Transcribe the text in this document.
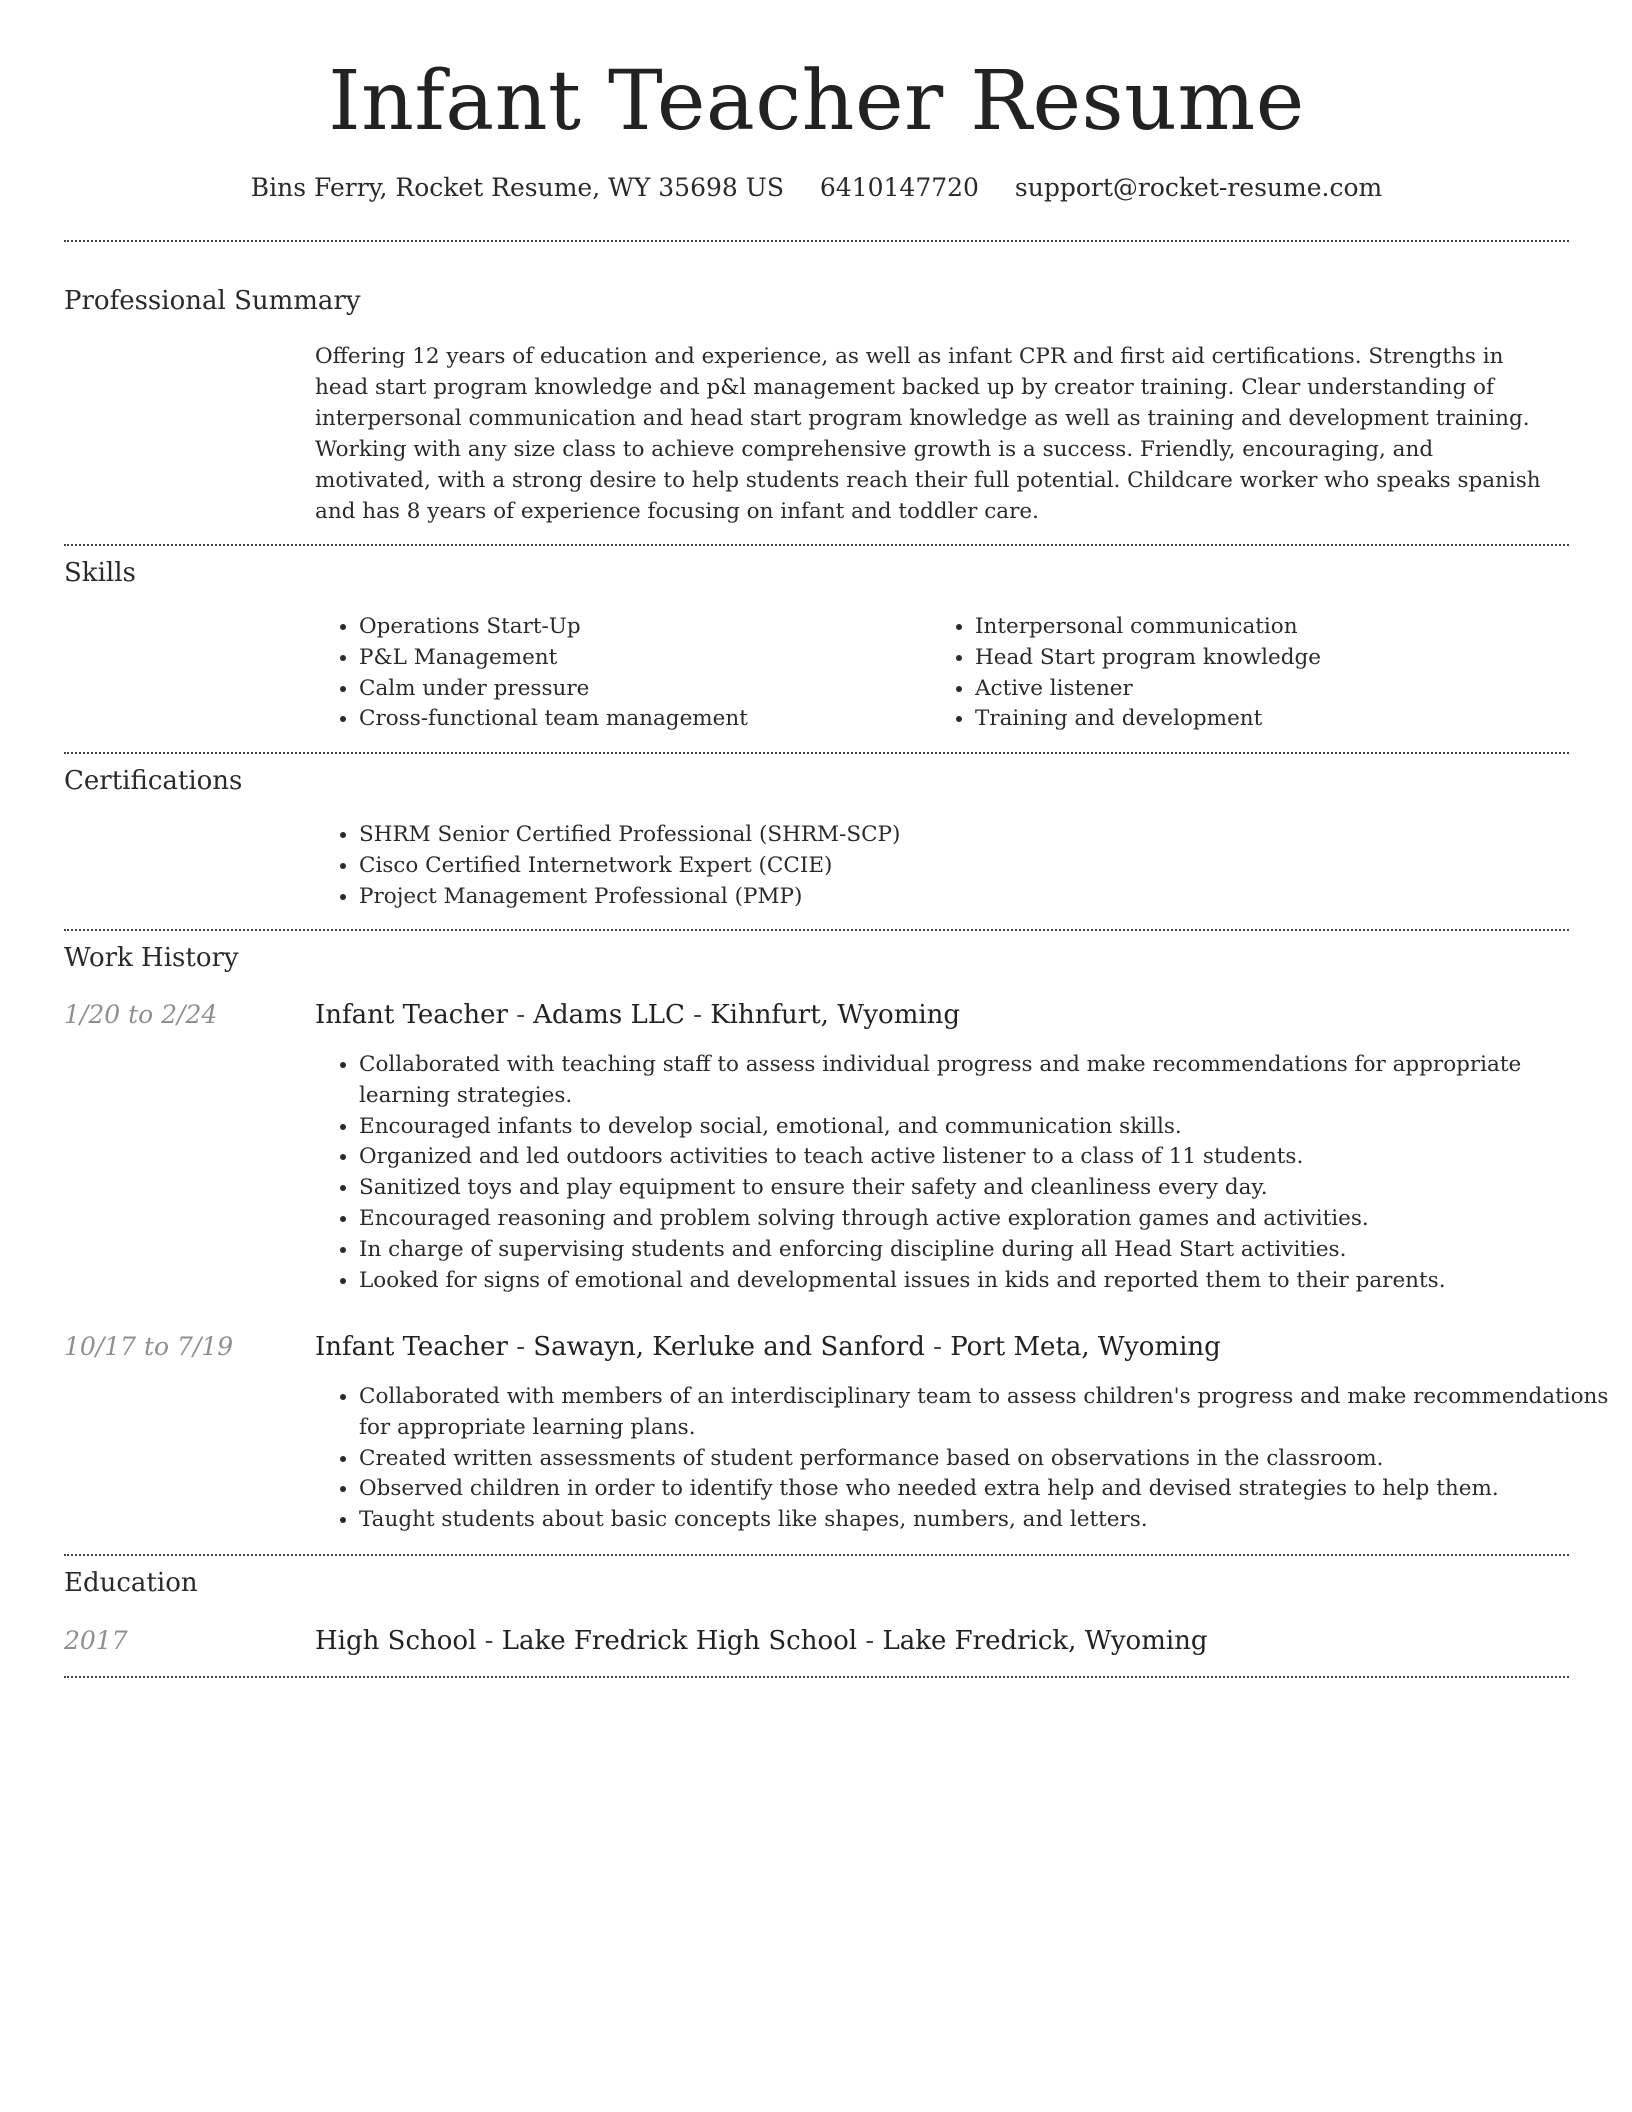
Infant Teacher Resume
Bins Ferry, Rocket Resume, WY 35698 US 6410147720 support@rocket-resume.com
Professional Summary
Offering 12 years of education and experience, as well as infant CPR and first aid certifications. Strengths in head start program knowledge and p&l management backed up by creator training. Clear understanding of interpersonal communication and head start program knowledge as well as training and development training. Working with any size class to achieve comprehensive growth is a success. Friendly, encouraging, and motivated, with a strong desire to help students reach their full potential. Childcare worker who speaks spanish and has 8 years of experience focusing on infant and toddler care.
Skills
• Operations Start-Up
• P&L Management
• Calm under pressure
• Cross-functional team management
• Interpersonal communication
• Head Start program knowledge
• Active listener
• Training and development
Certifications
• SHRM Senior Certified Professional (SHRM-SCP)
• Cisco Certified Internetwork Expert (CCIE)
• Project Management Professional (PMP)
Work History
1/20 to 2/24	Infant Teacher - Adams LLC - Kihnfurt, Wyoming
• Collaborated with teaching staff to assess individual progress and make recommendations for appropriate learning strategies.
• Encouraged infants to develop social, emotional, and communication skills.
• Organized and led outdoors activities to teach active listener to a class of 11 students.
• Sanitized toys and play equipment to ensure their safety and cleanliness every day.
• Encouraged reasoning and problem solving through active exploration games and activities.
• In charge of supervising students and enforcing discipline during all Head Start activities.
• Looked for signs of emotional and developmental issues in kids and reported them to their parents.
10/17 to 7/19	Infant Teacher - Sawayn, Kerluke and Sanford - Port Meta, Wyoming
• Collaborated with members of an interdisciplinary team to assess children's progress and make recommendations for appropriate learning plans.
• Created written assessments of student performance based on observations in the classroom.
• Observed children in order to identify those who needed extra help and devised strategies to help them.
• Taught students about basic concepts like shapes, numbers, and letters.
Education
2017	High School - Lake Fredrick High School - Lake Fredrick, Wyoming
